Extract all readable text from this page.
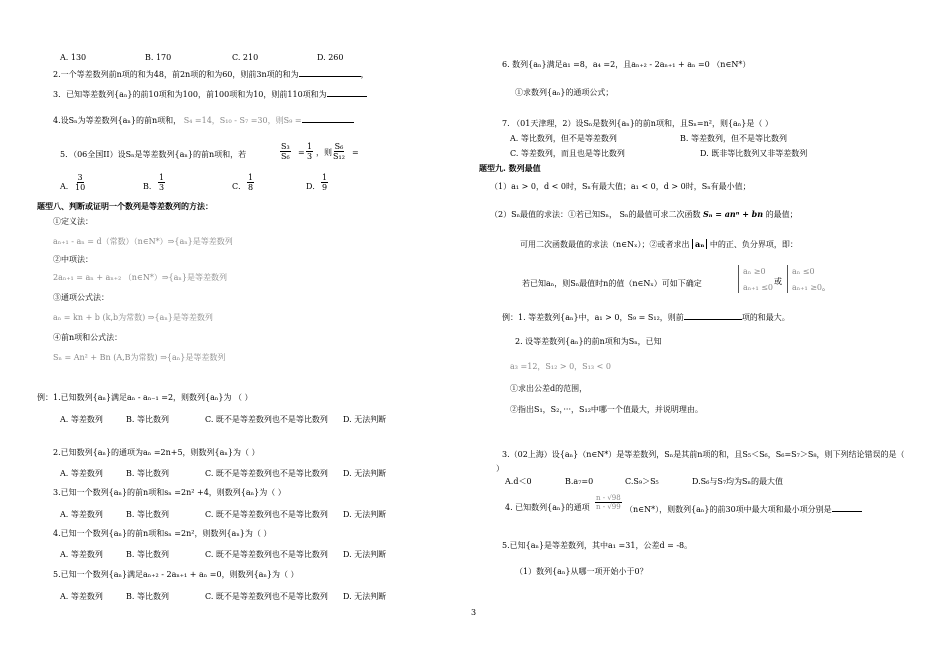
A. 130	B. 170	C. 210	D. 260
2.一个等差数列前n项的和为48，前2n项的和为60，则前3n项的和为	，
3．已知等差数列{aₙ}的前10项和为100，前100项和为10，则前110项和为
4.设Sₙ为等差数列{aₙ}的前n项和， S₄ =14，S₁₀ - S₇ =30，则S₉ =
5．（06全国II）设Sₙ是等差数列{aₙ}的前n项和，若	$\frac{\text{S₃}}{\text{S₆}} = \frac{1}{3}$ ，则 $\frac{\text{S₆}}{\text{S₁₂}}$ =
A． $\frac{3}{10}$	B． $\frac{1}{3}$	C． $\frac{1}{8}$	D． $\frac{1}{9}$
题型八、判断或证明一个数列是等差数列的方法：
①定义法：
aₙ₊₁ - aₙ = d（常数）（n∈N*）⇒{aₙ}是等差数列
②中项法：
2aₙ₊₁ = aₙ + aₙ₊₂ （n∈N*）⇒{aₙ}是等差数列
③通项公式法：
aₙ = kn + b (k,b为常数) ⇒{aₙ}是等差数列
④前n项和公式法：
Sₙ = An² + Bn (A,B为常数) ⇒{aₙ}是等差数列
例：1.已知数列{aₙ}满足aₙ - aₙ₋₁ =2，则数列{aₙ}为 （ ）
A. 等差数列	B. 等比数列	C. 既不是等差数列也不是等比数列 D. 无法判断
2.已知数列{aₙ}的通项为aₙ =2n+5，则数列{aₙ}为（ ）
A. 等差数列	B. 等比数列	C. 既不是等差数列也不是等比数列 D. 无法判断
3.已知一个数列{aₙ}的前n项和sₙ =2n² +4，则数列{aₙ}为（ ）
A. 等差数列	B. 等比数列	C. 既不是等差数列也不是等比数列 D. 无法判断
4.已知一个数列{aₙ}的前n项和sₙ =2n²，则数列{aₙ}为（ ）
A. 等差数列	B. 等比数列	C. 既不是等差数列也不是等比数列 D. 无法判断
5.已知一个数列{aₙ}满足aₙ₊₂ - 2aₙ₊₁ + aₙ =0，则数列{aₙ}为（ ）
A. 等差数列	B. 等比数列	C. 既不是等差数列也不是等比数列 D. 无法判断
6. 数列{aₙ}满足a₁ =8，a₄ =2，且aₙ₊₂ - 2aₙ₊₁ + aₙ =0 （n∈N*）
①求数列{aₙ}的通项公式；
7. （01天津理，2）设Sₙ是数列{aₙ}的前n项和，且Sₙ=n²，则{aₙ}是（ ）
A. 等比数列，但不是等差数列	B. 等差数列，但不是等比数列
C. 等差数列，而且也是等比数列	D. 既非等比数列又非等差数列
题型九. 数列最值
（1）a₁ > 0，d < 0时，Sₙ有最大值；a₁ < 0，d > 0时，Sₙ有最小值；
（2）Sₙ最值的求法：①若已知Sₙ， Sₙ的最值可求二次函数 Sₙ = anⁿ + bn 的最值；
可用二次函数最值的求法（n∈Nₓ）；②或者求出 aₙ 中的正、负分界项，即：
若已知aₙ，则Sₙ最值时n的值（n∈Nₓ）可如下确定
aₙ ≥0
aₙ₊₁ ≤0
或
aₙ ≤0
aₙ₊₁ ≥0 。
例：1. 等差数列{aₙ}中，a₁ > 0，S₉ = S₁₂，则前	项的和最大。
2. 设等差数列{aₙ}的前n项和为Sₙ，已知
a₃ =12，S₁₂ > 0，S₁₃ < 0
①求出公差d的范围，
②指出S₁，S₂，···，S₁₂中哪一个值最大，并说明理由。
3.（02上海）设{aₙ}（n∈N*）是等差数列，Sₙ是其前n项的和，且S₅＜S₆，S₆=S₇＞S₈，则下列结论错误的是（
）
A.d＜0	B.a₇=0	C.S₉＞S₅	D.S₆与S₇均为Sₙ的最大值
4. 已知数列{aₙ}的通项 $\frac{n - √98}{n - √99}$ （n∈N*），则数列{aₙ}的前30项中最大项和最小项分别是
5.已知{aₙ}是等差数列，其中a₁ =31，公差d = -8。
（1）数列{aₙ}从哪一项开始小于0？
3
